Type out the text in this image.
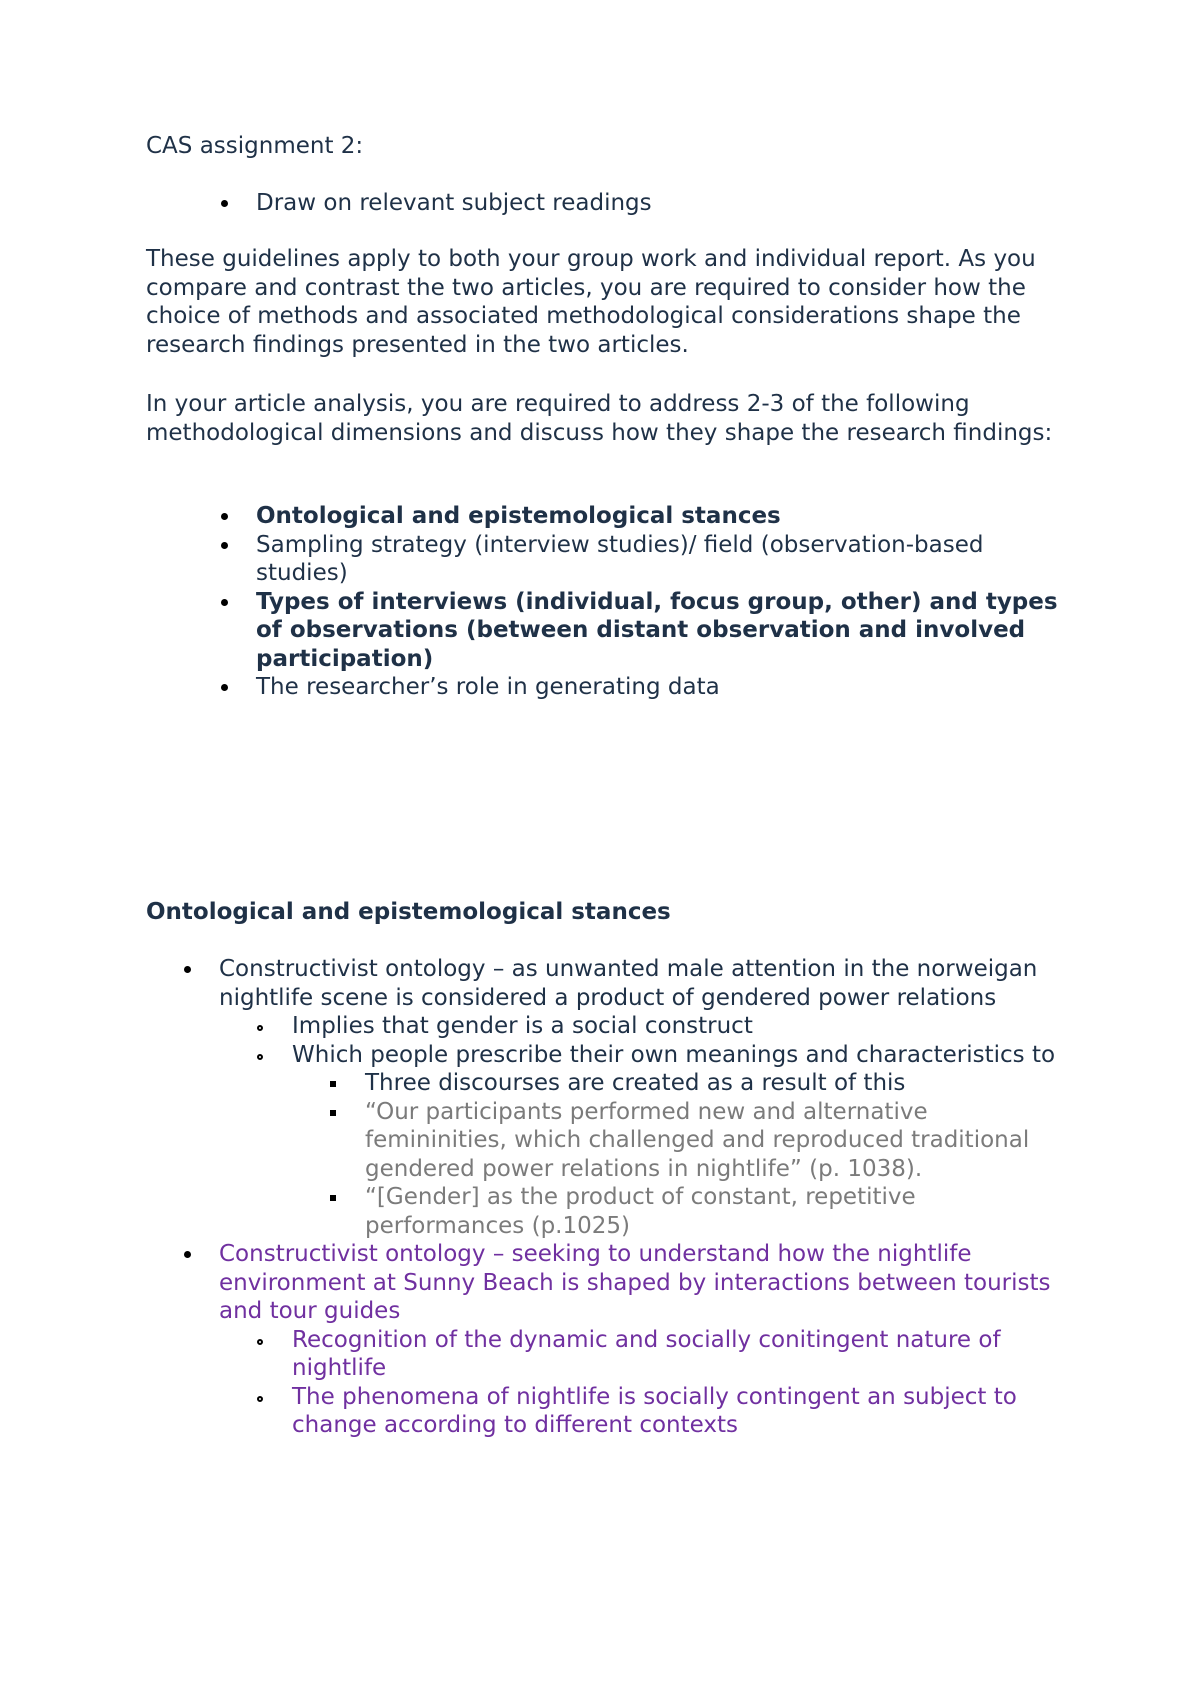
CAS assignment 2:

Draw on relevant subject readings

These guidelines apply to both your group work and individual report. As you compare and contrast the two articles, you are required to consider how the choice of methods and associated methodological considerations shape the research findings presented in the two articles.

In your article analysis, you are required to address 2-3 of the following methodological dimensions and discuss how they shape the research findings:

Ontological and epistemological stances
Sampling strategy (interview studies)/ field (observation-based studies)
Types of interviews (individual, focus group, other) and types of observations (between distant observation and involved participation)
The researcher’s role in generating data

Ontological and epistemological stances

Constructivist ontology – as unwanted male attention in the norweigan nightlife scene is considered a product of gendered power relations
Implies that gender is a social construct
Which people prescribe their own meanings and characteristics to
Three discourses are created as a result of this
“Our participants performed new and alternative femininities, which challenged and reproduced traditional gendered power relations in nightlife” (p. 1038).
“[Gender] as the product of constant, repetitive performances (p.1025)
Constructivist ontology – seeking to understand how the nightlife environment at Sunny Beach is shaped by interactions between tourists and tour guides
Recognition of the dynamic and socially conitingent nature of nightlife
The phenomena of nightlife is socially contingent an subject to change according to different contexts
